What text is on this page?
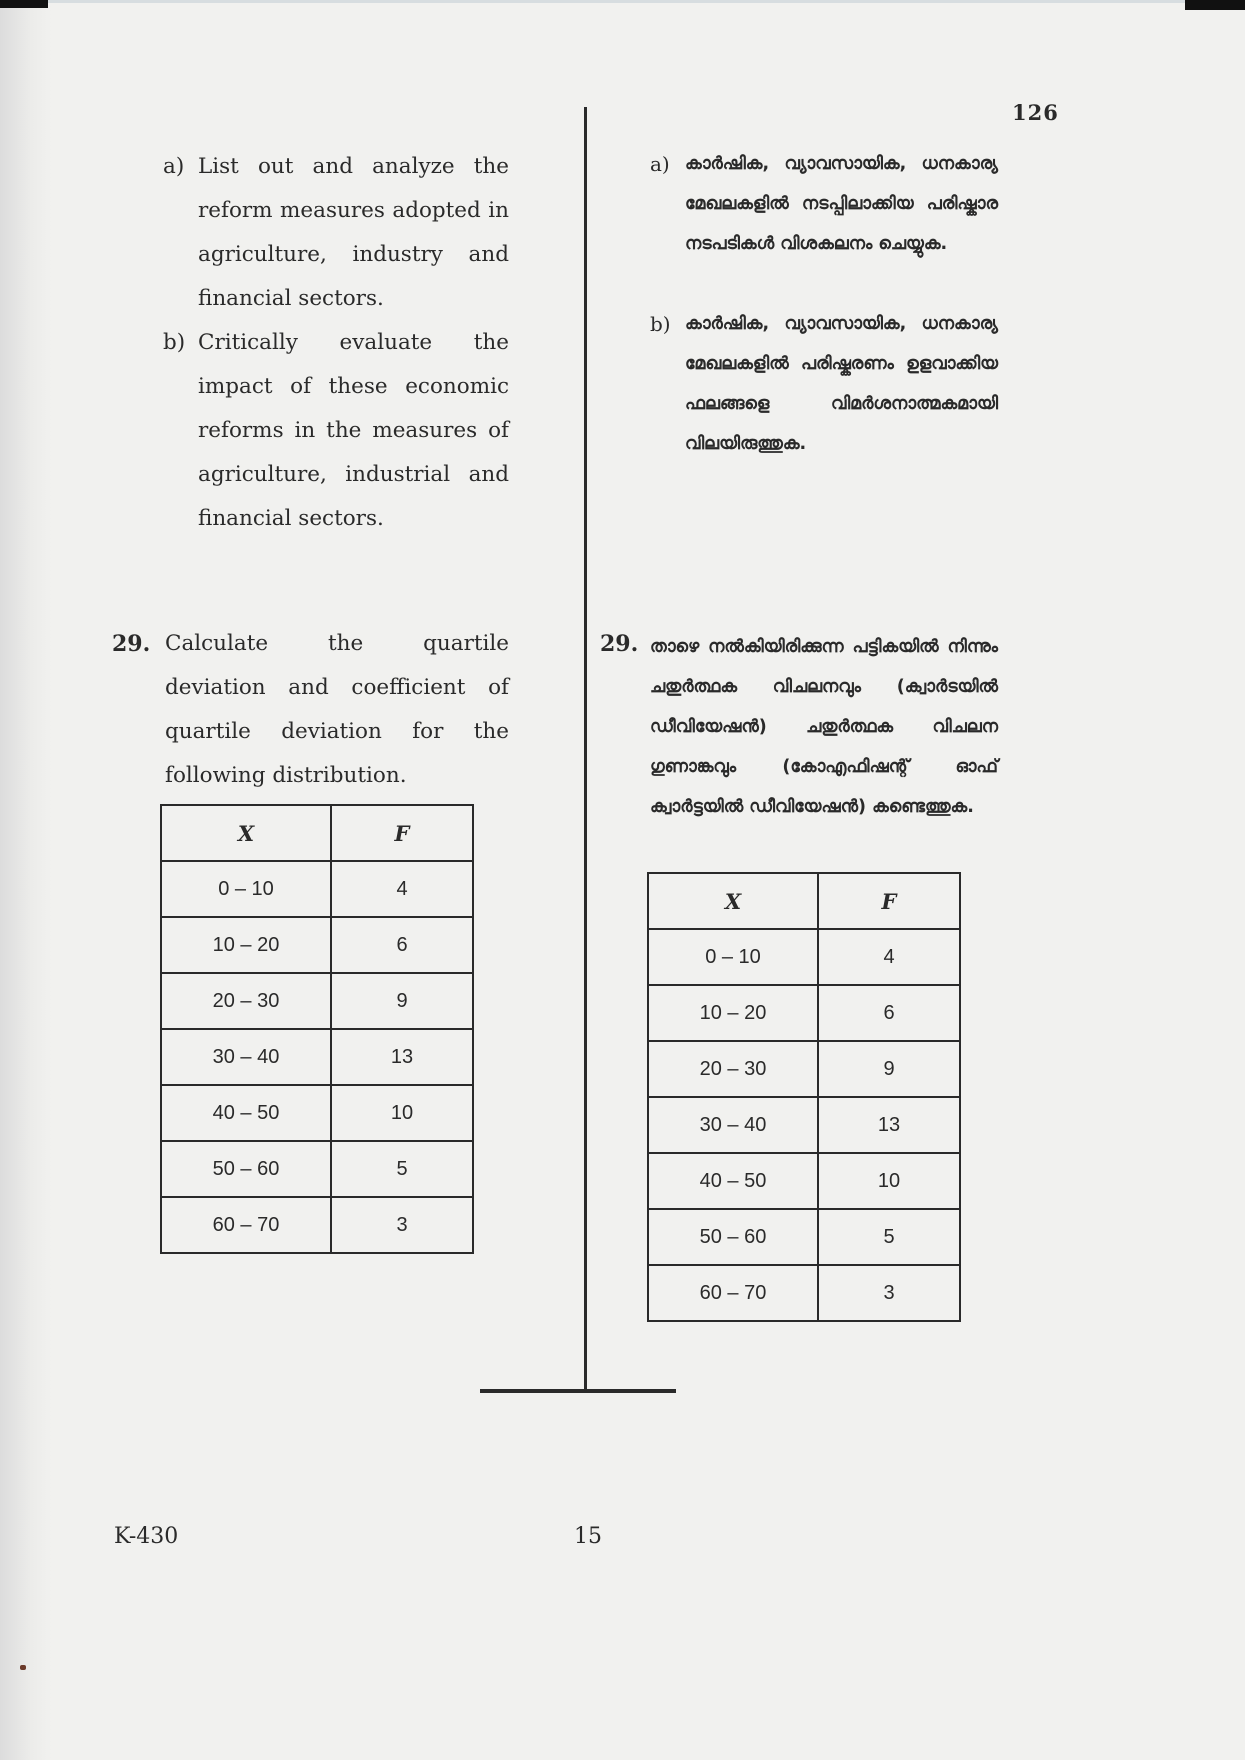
126
a) List out and analyze the reform measures adopted in agriculture, industry and financial sectors.
b) Critically evaluate the impact of these economic reforms in the measures of agriculture, industrial and financial sectors.
29. Calculate the quartile deviation and coefficient of quartile deviation for the following distribution.
X	F
0 – 10	4
10 – 20	6
20 – 30	9
30 – 40	13
40 – 50	10
50 – 60	5
60 – 70	3
a) കാർഷിക, വ്യാവസായിക, ധനകാര്യ മേഖലകളിൽ നടപ്പിലാക്കിയ പരിഷ്കാര നടപടികൾ വിശകലനം ചെയ്യുക.
b) കാർഷിക, വ്യാവസായിക, ധനകാര്യ മേഖലകളിൽ പരിഷ്കരണം ഉളവാക്കിയ ഫലങ്ങളെ വിമർശനാത്മകമായി വിലയിരുത്തുക.
29. താഴെ നൽകിയിരിക്കുന്ന പട്ടികയിൽ നിന്നും ചതുർത്ഥക വിചലനവും (ക്വാർടയിൽ ഡീവിയേഷൻ) ചതുർത്ഥക വിചലന ഗുണാങ്കവും (കോഎഫിഷന്റ് ഓഫ് ക്വാർട്ടയിൽ ഡീവിയേഷൻ) കണ്ടെത്തുക.
X	F
0 – 10	4
10 – 20	6
20 – 30	9
30 – 40	13
40 – 50	10
50 – 60	5
60 – 70	3
K-430	15
